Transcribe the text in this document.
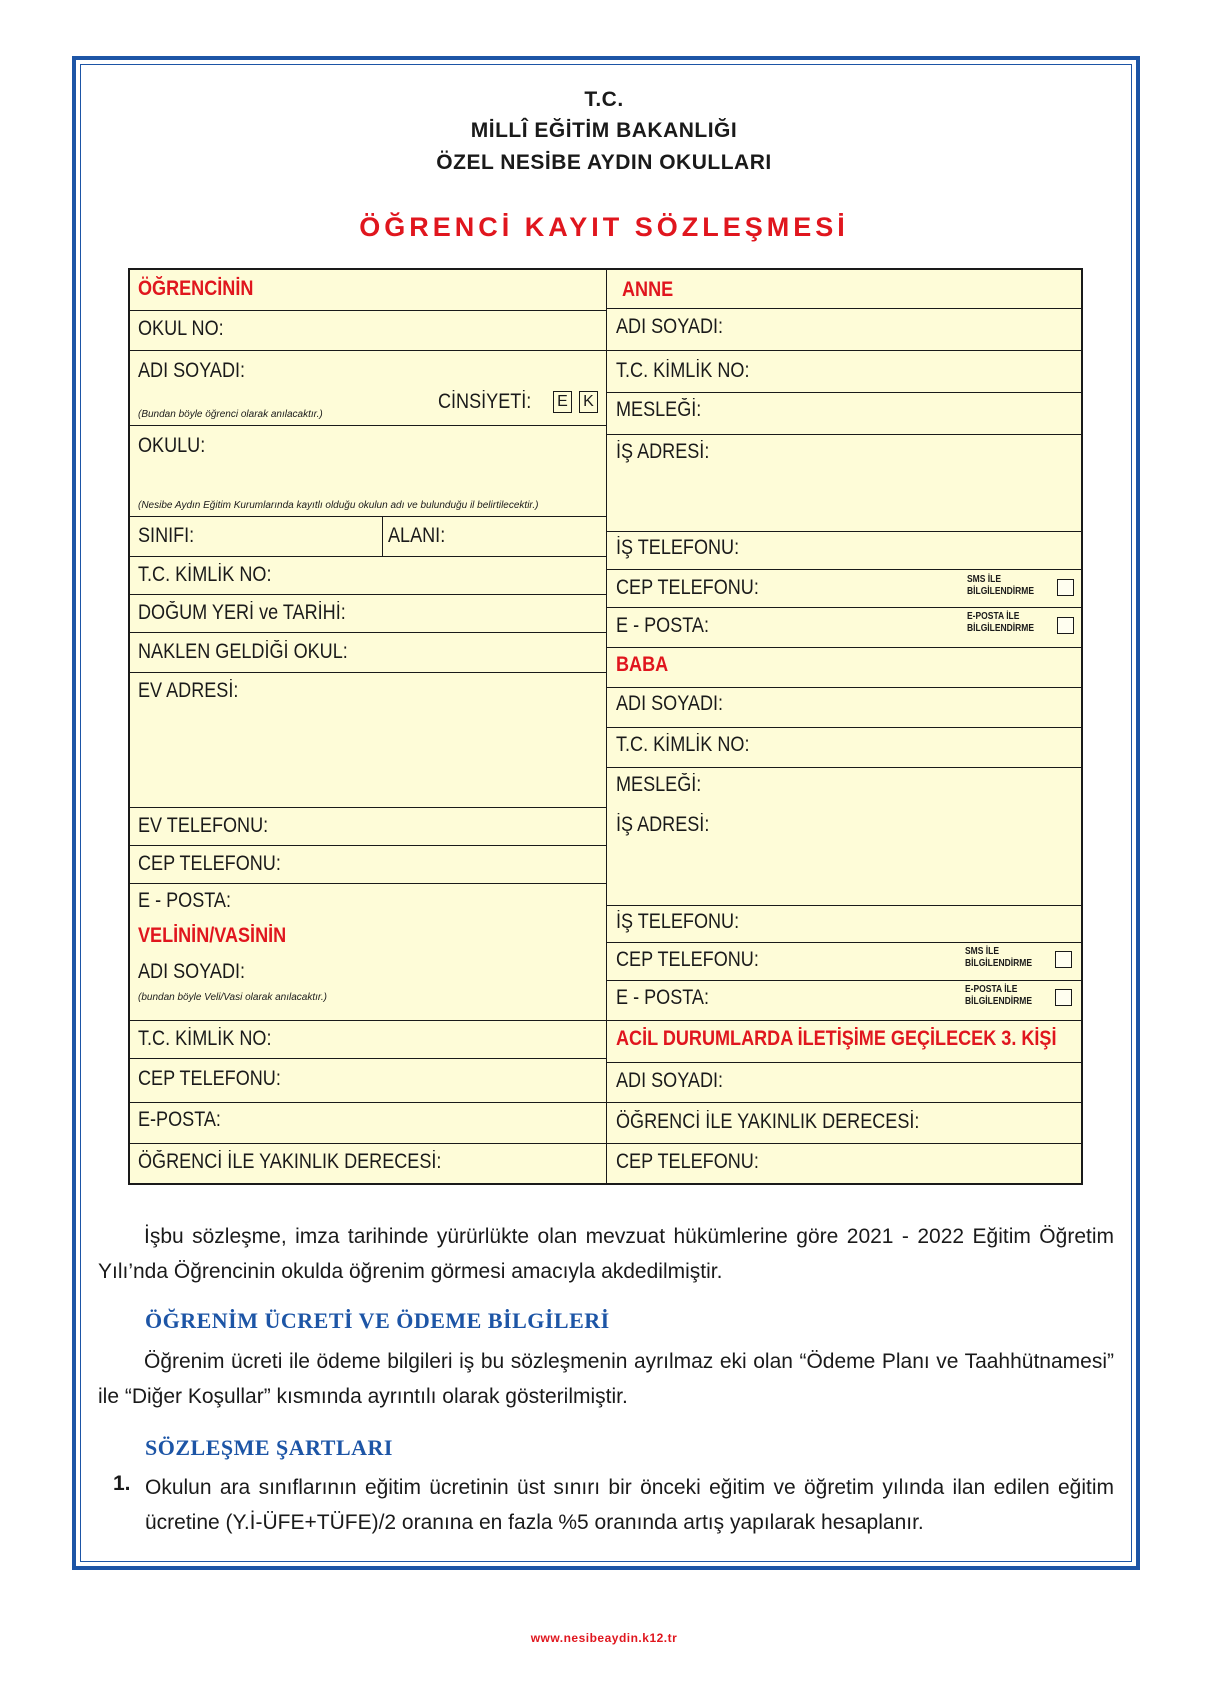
T.C.
MİLLÎ EĞİTİM BAKANLIĞI
ÖZEL NESİBE AYDIN OKULLARI
ÖĞRENCİ KAYIT SÖZLEŞMESİ
ÖĞRENCİNİN
OKUL NO:
ADI SOYADI:
(Bundan böyle öğrenci olarak anılacaktır.)
CİNSİYETİ: E K
OKULU:
(Nesibe Aydın Eğitim Kurumlarında kayıtlı olduğu okulun adı ve bulunduğu il belirtilecektir.)
SINIFI:	ALANI:
T.C. KİMLİK NO:
DOĞUM YERİ ve TARİHİ:
NAKLEN GELDİĞİ OKUL:
EV ADRESİ:
EV TELEFONU:
CEP TELEFONU:
E - POSTA:
VELİNİN/VASİNİN
ADI SOYADI:
(bundan böyle Veli/Vasi olarak anılacaktır.)
T.C. KİMLİK NO:
CEP TELEFONU:
E-POSTA:
ÖĞRENCİ İLE YAKINLIK DERECESİ:
ANNE
ADI SOYADI:
T.C. KİMLİK NO:
MESLEĞİ:
İŞ ADRESİ:
İŞ TELEFONU:
CEP TELEFONU:	SMS İLE
BİLGİLENDİRME
E - POSTA:	E-POSTA İLE
BİLGİLENDİRME
BABA
ADI SOYADI:
T.C. KİMLİK NO:
MESLEĞİ:
İŞ ADRESİ:
İŞ TELEFONU:
CEP TELEFONU:	SMS İLE
BİLGİLENDİRME
E - POSTA:	E-POSTA İLE
BİLGİLENDİRME
ACİL DURUMLARDA İLETİŞİME GEÇİLECEK 3. KİŞİ
ADI SOYADI:
ÖĞRENCİ İLE YAKINLIK DERECESİ:
CEP TELEFONU:
İşbu sözleşme, imza tarihinde yürürlükte olan mevzuat hükümlerine göre 2021 - 2022 Eğitim Öğretim Yılı’nda Öğrencinin okulda öğrenim görmesi amacıyla akdedilmiştir.
ÖĞRENİM ÜCRETİ VE ÖDEME BİLGİLERİ
Öğrenim ücreti ile ödeme bilgileri iş bu sözleşmenin ayrılmaz eki olan “Ödeme Planı ve Taahhütnamesi” ile “Diğer Koşullar” kısmında ayrıntılı olarak gösterilmiştir.
SÖZLEŞME ŞARTLARI
1. Okulun ara sınıflarının eğitim ücretinin üst sınırı bir önceki eğitim ve öğretim yılında ilan edilen eğitim ücretine (Y.İ-ÜFE+TÜFE)/2 oranına en fazla %5 oranında artış yapılarak hesaplanır.
www.nesibeaydin.k12.tr
